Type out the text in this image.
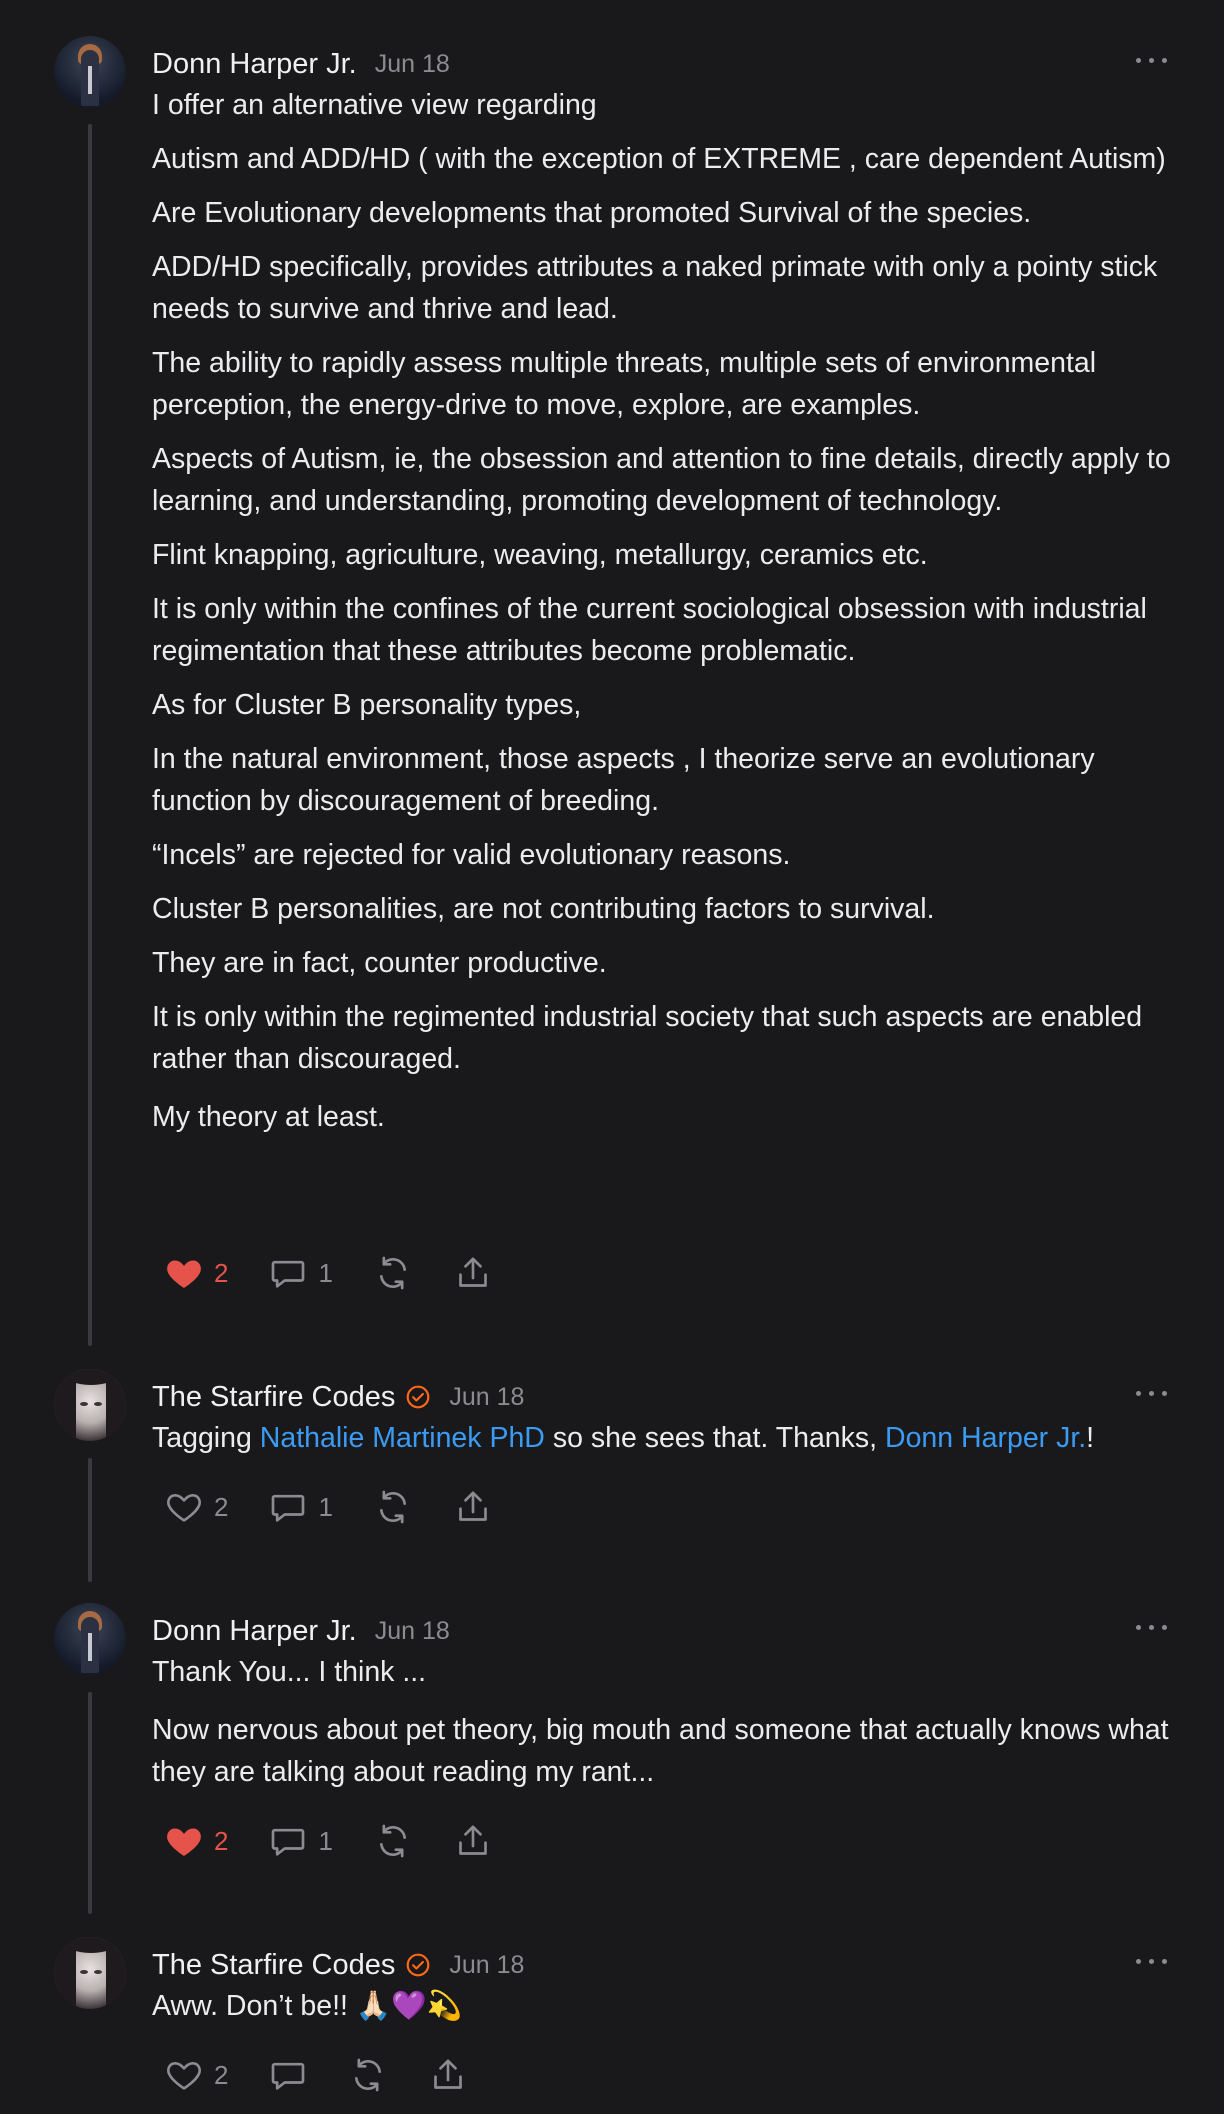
Donn Harper Jr. Jun 18

I offer an alternative view regarding

Autism and ADD/HD ( with the exception of EXTREME , care dependent Autism)

Are Evolutionary developments that promoted Survival of the species.

ADD/HD specifically, provides attributes a naked primate with only a pointy stick needs to survive and thrive and lead.

The ability to rapidly assess multiple threats, multiple sets of environmental perception, the energy-drive to move, explore, are examples.

Aspects of Autism, ie, the obsession and attention to fine details, directly apply to learning, and understanding, promoting development of technology.

Flint knapping, agriculture, weaving, metallurgy, ceramics etc.

It is only within the confines of the current sociological obsession with industrial regimentation that these attributes become problematic.

As for Cluster B personality types,

In the natural environment, those aspects , I theorize serve an evolutionary function by discouragement of breeding.

“Incels” are rejected for valid evolutionary reasons.

Cluster B personalities, are not contributing factors to survival.

They are in fact, counter productive.

It is only within the regimented industrial society that such aspects are enabled rather than discouraged.

My theory at least.

2	1
The Starfire Codes Jun 18

Tagging Nathalie Martinek PhD so she sees that. Thanks, Donn Harper Jr.!

2	1
Donn Harper Jr. Jun 18

Thank You... I think ...

Now nervous about pet theory, big mouth and someone that actually knows what they are talking about reading my rant...

2	1
The Starfire Codes Jun 18

Aww. Don’t be!! 🙏🏻💜💫

2
